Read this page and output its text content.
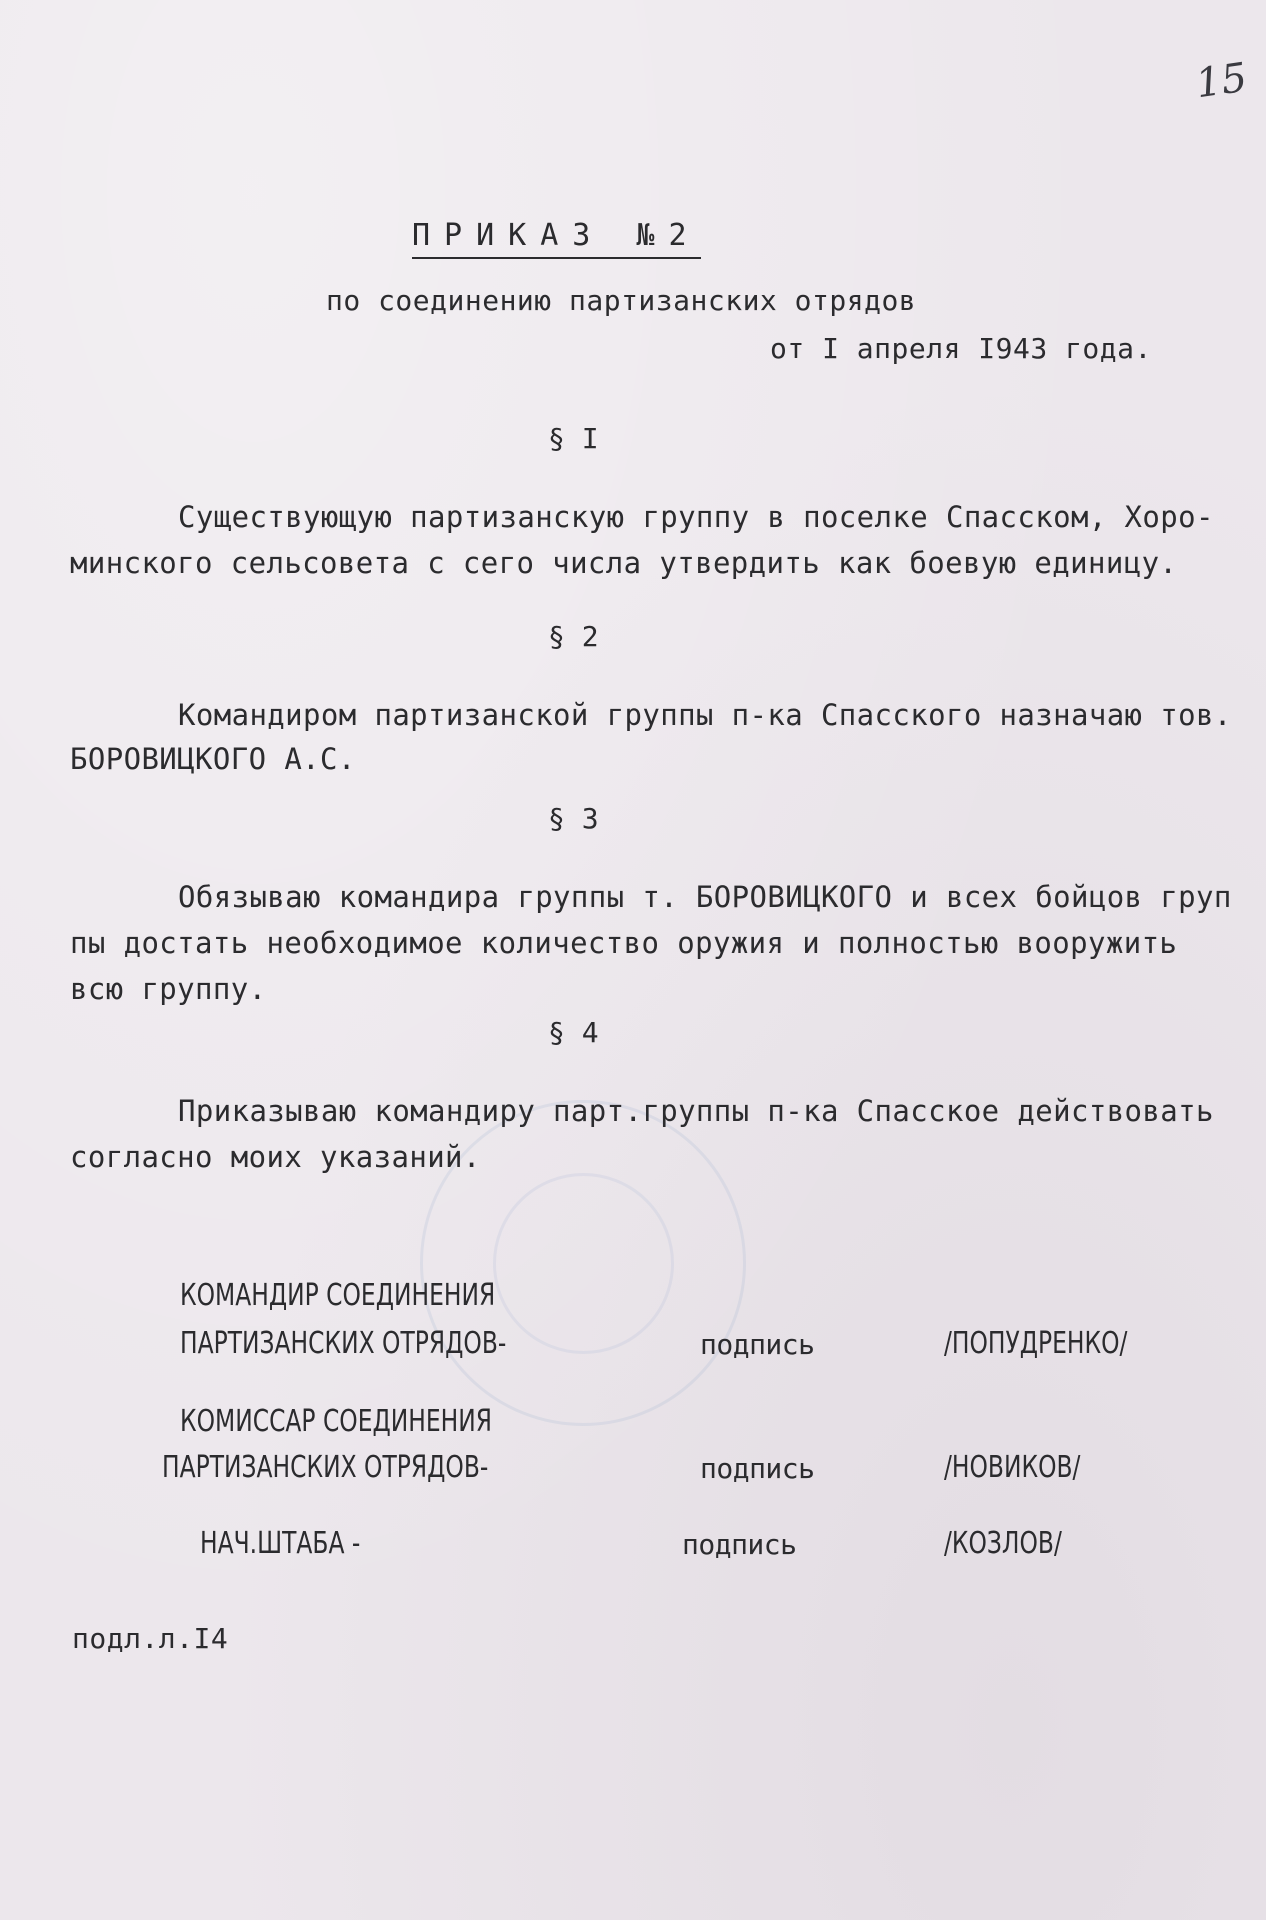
15
ПРИКАЗ №2
по соединению партизанских отрядов
от I апреля I943 года.
§ I
Существующую партизанскую группу в поселке Спасском, Хоро-
минского сельсовета с сего числа утвердить как боевую единицу.
§ 2
Командиром партизанской группы п-ка Спасского назначаю тов.
БОРОВИЦКОГО А.С.
§ 3
Обязываю командира группы т. БОРОВИЦКОГО и всех бойцов груп
пы достать необходимое количество оружия и полностью вооружить
всю группу.
§ 4
Приказываю командиру парт.группы п-ка Спасское действовать
согласно моих указаний.
КОМАНДИР СОЕДИНЕНИЯ
ПАРТИЗАНСКИХ ОТРЯДОВ-	подпись	/ПОПУДРЕНКО/
КОМИССАР СОЕДИНЕНИЯ
ПАРТИЗАНСКИХ ОТРЯДОВ-	подпись	/НОВИКОВ/
НАЧ.ШТАБА -	подпись	/КОЗЛОВ/
подл.л.I4
